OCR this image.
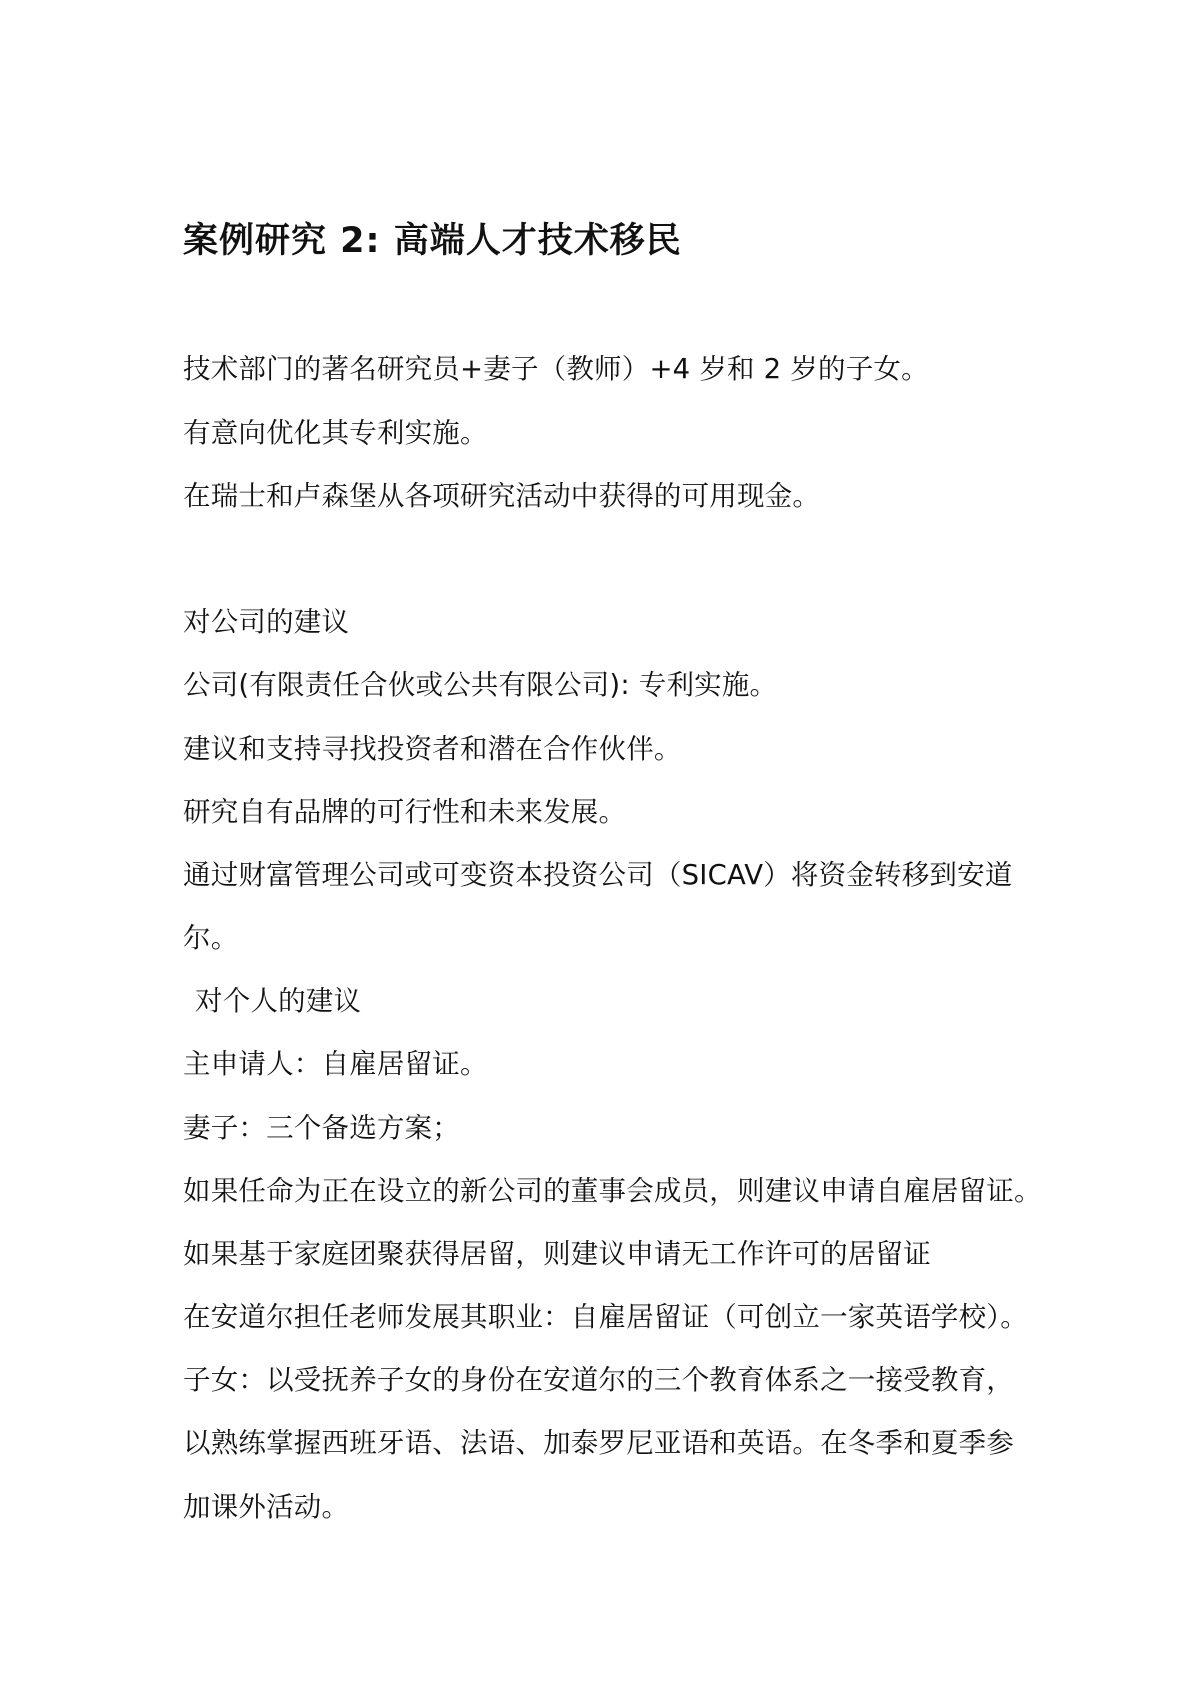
案例研究 2: 高端人才技术移民

技术部门的著名研究员+妻子（教师）+4 岁和 2 岁的子女。

有意向优化其专利实施。

在瑞士和卢森堡从各项研究活动中获得的可用现金。

对公司的建议

公司(有限责任合伙或公共有限公司): 专利实施。

建议和支持寻找投资者和潜在合作伙伴。

研究自有品牌的可行性和未来发展。

通过财富管理公司或可变资本投资公司（SICAV）将资金转移到安道

尔。

对个人的建议

主申请人：自雇居留证。

妻子：三个备选方案；

如果任命为正在设立的新公司的董事会成员，则建议申请自雇居留证。

如果基于家庭团聚获得居留，则建议申请无工作许可的居留证

在安道尔担任老师发展其职业：自雇居留证（可创立一家英语学校）。

子女：以受抚养子女的身份在安道尔的三个教育体系之一接受教育，

以熟练掌握西班牙语、法语、加泰罗尼亚语和英语。在冬季和夏季参

加课外活动。
